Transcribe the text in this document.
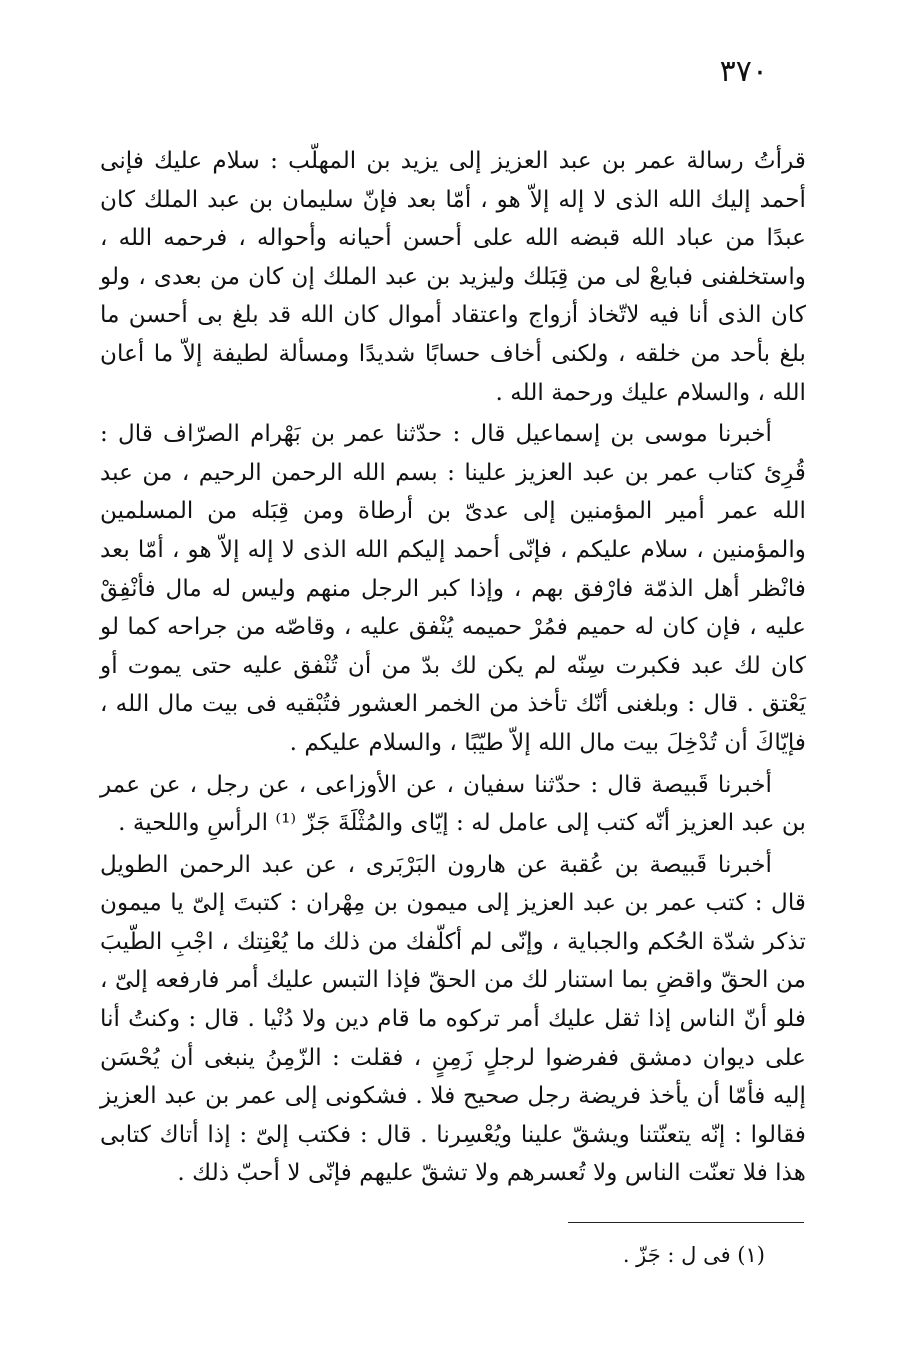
٣٧٠

قرأتُ رسالة عمر بن عبد العزيز إلى يزيد بن المهلّب : سلام عليك فإنى أحمد إليك الله الذى لا إله إلاّ هو ، أمّا بعد فإنّ سليمان بن عبد الملك كان عبدًا من عباد الله قبضه الله على أحسن أحيانه وأحواله ، فرحمه الله ، واستخلفنى فبايعْ لى من قِبَلك وليزيد بن عبد الملك إن كان من بعدى ، ولو كان الذى أنا فيه لاتّخاذ أزواج واعتقاد أموال كان الله قد بلغ بى أحسن ما بلغ بأحد من خلقه ، ولكنى أخاف حسابًا شديدًا ومسألة لطيفة إلاّ ما أعان الله ، والسلام عليك ورحمة الله .

أخبرنا موسى بن إسماعيل قال : حدّثنا عمر بن بَهْرام الصرّاف قال : قُرِئ كتاب عمر بن عبد العزيز علينا : بسم الله الرحمن الرحيم ، من عبد الله عمر أمير المؤمنين إلى عدىّ بن أرطاة ومن قِبَله من المسلمين والمؤمنين ، سلام عليكم ، فإنّى أحمد إليكم الله الذى لا إله إلاّ هو ، أمّا بعد فانْظر أهل الذمّة فارْفق بهم ، وإذا كبر الرجل منهم وليس له مال فأنْفِقْ عليه ، فإن كان له حميم فمُرْ حميمه يُنْفق عليه ، وقاصّه من جراحه كما لو كان لك عبد فكبرت سِنّه لم يكن لك بدّ من أن تُنْفق عليه حتى يموت أو يَعْتق . قال : وبلغنى أنّك تأخذ من الخمر العشور فتُبْقيه فى بيت مال الله ، فإيّاكَ أن تُدْخِلَ بيت مال الله إلاّ طيّبًا ، والسلام عليكم .

أخبرنا قَبيصة قال : حدّثنا سفيان ، عن الأوزاعى ، عن رجل ، عن عمر بن عبد العزيز أنّه كتب إلى عامل له : إيّاى والمُثْلَةَ جَزّ ⁽¹⁾ الرأسِ واللحية .

أخبرنا قَبيصة بن عُقبة عن هارون البَرْبَرى ، عن عبد الرحمن الطويل قال : كتب عمر بن عبد العزيز إلى ميمون بن مِهْران : كتبتَ إلىّ يا ميمون تذكر شدّة الحُكم والجباية ، وإنّى لم أكلّفك من ذلك ما يُعْنِتك ، اجْبِ الطّيبَ من الحقّ واقضِ بما استنار لك من الحقّ فإذا التبس عليك أمر فارفعه إلىّ ، فلو أنّ الناس إذا ثقل عليك أمر تركوه ما قام دين ولا دُنْيا . قال : وكنتُ أنا على ديوان دمشق ففرضوا لرجلٍ زَمِنٍ ، فقلت : الزّمِنُ ينبغى أن يُحْسَن إليه فأمّا أن يأخذ فريضة رجل صحيح فلا . فشكونى إلى عمر بن عبد العزيز فقالوا : إنّه يتعنّتنا ويشقّ علينا ويُعْسِرنا . قال : فكتب إلىّ : إذا أتاك كتابى هذا فلا تعنّت الناس ولا تُعسرهم ولا تشقّ عليهم فإنّى لا أحبّ ذلك .

(١) فى ل : جَزّ .
